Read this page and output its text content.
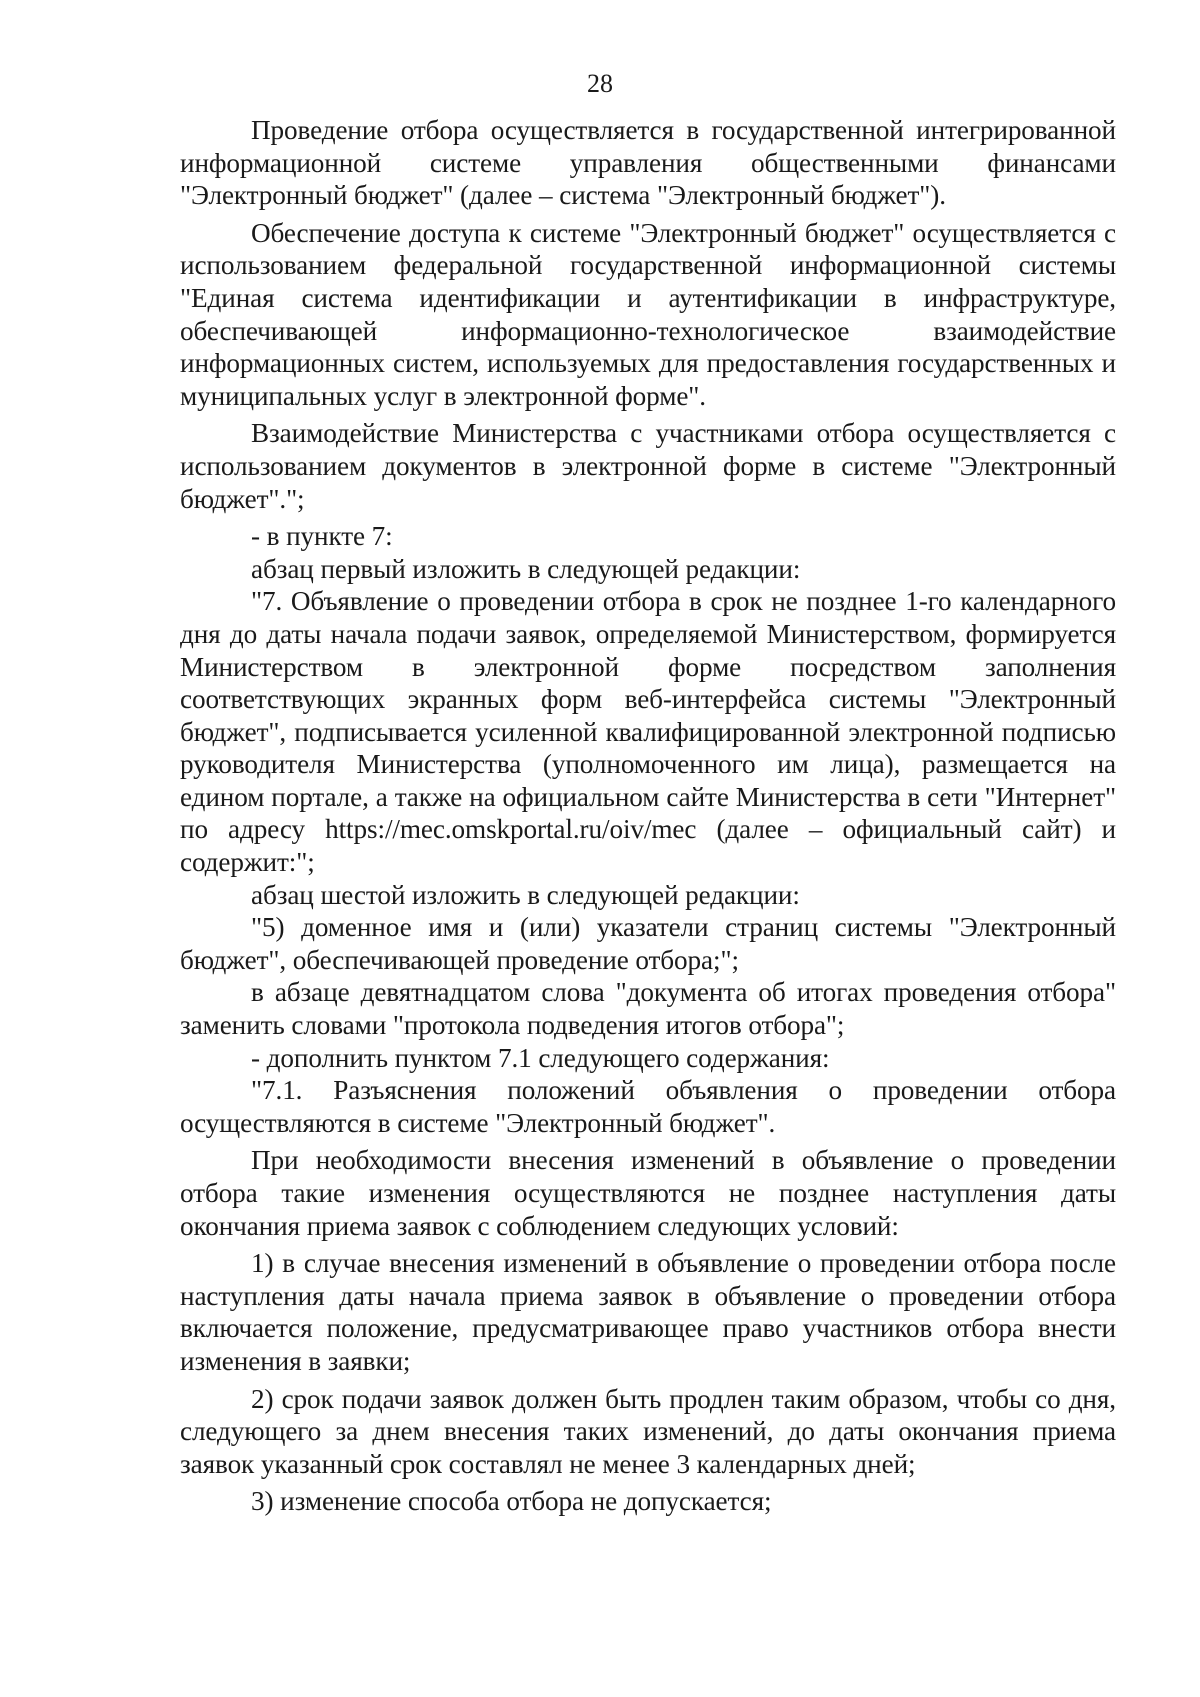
28

Проведение отбора осуществляется в государственной интегрированной информационной системе управления общественными финансами "Электронный бюджет" (далее – система "Электронный бюджет").

Обеспечение доступа к системе "Электронный бюджет" осуществляется с использованием федеральной государственной информационной системы "Единая система идентификации и аутентификации в инфраструктуре, обеспечивающей информационно-технологическое взаимодействие информационных систем, используемых для предоставления государственных и муниципальных услуг в электронной форме".

Взаимодействие Министерства с участниками отбора осуществляется с использованием документов в электронной форме в системе "Электронный бюджет".";

- в пункте 7:

абзац первый изложить в следующей редакции:

"7. Объявление о проведении отбора в срок не позднее 1-го календарного дня до даты начала подачи заявок, определяемой Министерством, формируется Министерством в электронной форме посредством заполнения соответствующих экранных форм веб-интерфейса системы "Электронный бюджет", подписывается усиленной квалифицированной электронной подписью руководителя Министерства (уполномоченного им лица), размещается на едином портале, а также на официальном сайте Министерства в сети "Интернет" по адресу https://mec.omskportal.ru/oiv/mec (далее – официальный сайт) и содержит:";

абзац шестой изложить в следующей редакции:

"5) доменное имя и (или) указатели страниц системы "Электронный бюджет", обеспечивающей проведение отбора;";

в абзаце девятнадцатом слова "документа об итогах проведения отбора" заменить словами "протокола подведения итогов отбора";

- дополнить пунктом 7.1 следующего содержания:

"7.1. Разъяснения положений объявления о проведении отбора осуществляются в системе "Электронный бюджет".

При необходимости внесения изменений в объявление о проведении отбора такие изменения осуществляются не позднее наступления даты окончания приема заявок с соблюдением следующих условий:

1) в случае внесения изменений в объявление о проведении отбора после наступления даты начала приема заявок в объявление о проведении отбора включается положение, предусматривающее право участников отбора внести изменения в заявки;

2) срок подачи заявок должен быть продлен таким образом, чтобы со дня, следующего за днем внесения таких изменений, до даты окончания приема заявок указанный срок составлял не менее 3 календарных дней;

3) изменение способа отбора не допускается;
